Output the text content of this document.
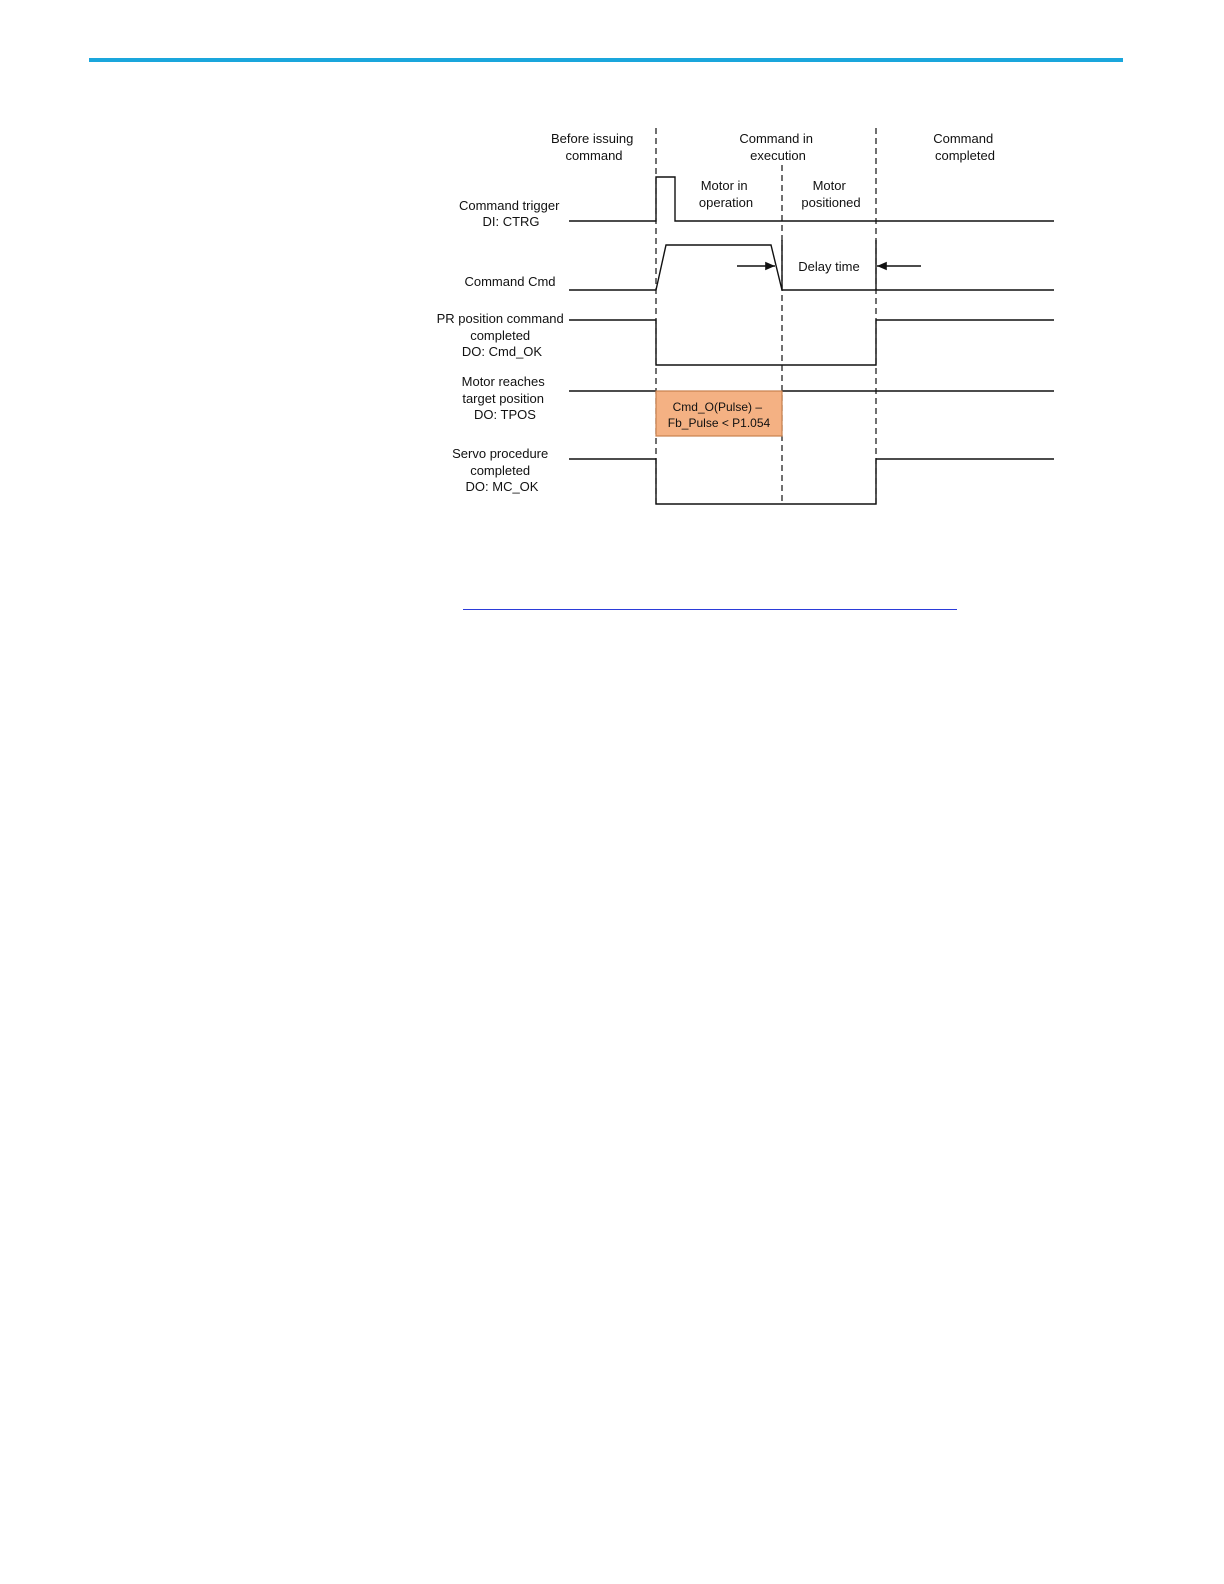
Before issuing command
Command in execution
Command completed
Motor in operation
Motor positioned
Command trigger DI: CTRG
Command Cmd
Delay time
PR position command completed DO: Cmd_OK
Motor reaches target position DO: TPOS	Cmd_O(Pulse) – Fb_Pulse < P1.054
Servo procedure completed DO: MC_OK
